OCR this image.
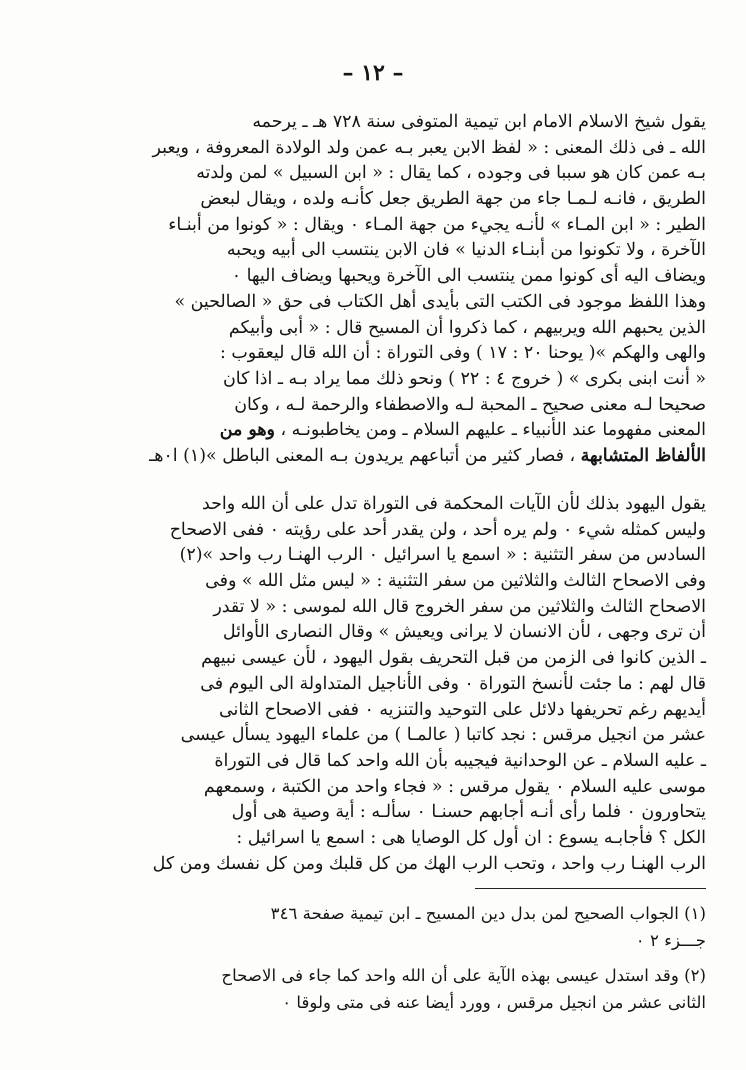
– ١٢ –
يقول شيخ الاسلام الامام ابن تيمية المتوفى سنة ٧٢٨ هـ ـ يرحمه
الله ـ فى ذلك المعنى : « لفظ الابن يعبر بـه عمن ولد الولادة المعروفة ، ويعبر
بـه عمن كان هو سببا فى وجوده ، كما يقال : « ابن السبيل » لمن ولدته
الطريق ، فانـه لـمـا جاء من جهة الطريق جعل كأنـه ولده ، ويقال لبعض
الطير : « ابن المـاء » لأنـه يجيء من جهة المـاء ٠ ويقال : « كونوا من أبنـاء
الآخرة ، ولا تكونوا من أبنـاء الدنيا » فان الابن ينتسب الى أبيه ويحبه
ويضاف اليه أى كونوا ممن ينتسب الى الآخرة ويحبها ويضاف اليها ٠
وهذا اللفظ موجود فى الكتب التى بأيدى أهل الكتاب فى حق « الصالحين »
الذين يحبهم الله ويربيهم ، كما ذكروا أن المسيح قال : « أبى وأبيكم
والهى والهكم »( يوحنا ٢٠ : ١٧ ) وفى التوراة : أن الله قال ليعقوب :
« أنت ابنى بكرى » ( خروج ٤ : ٢٢ ) ونحو ذلك مما يراد بـه ـ اذا كان
صحيحا لـه معنى صحيح ـ المحبة لـه والاصطفاء والرحمة لـه ، وكان
المعنى مفهوما عند الأنبياء ـ عليهم السلام ـ ومن يخاطبونـه ، وهو من
الألفاظ المتشابهة ، فصار كثير من أتباعهم يريدون بـه المعنى الباطل »(١) ا٠هـ
يقول اليهود بذلك لأن الآيات المحكمة فى التوراة تدل على أن الله واحد
وليس كمثله شيء ٠ ولم يره أحد ، ولن يقدر أحد على رؤيته ٠ ففى الاصحاح
السادس من سفر التثنية : « اسمع يا اسرائيل ٠ الرب الهنـا رب واحد »(٢)
وفى الاصحاح الثالث والثلاثين من سفر التثنية : « ليس مثل الله » وفى
الاصحاح الثالث والثلاثين من سفر الخروج قال الله لموسى : « لا تقدر
أن ترى وجهى ، لأن الانسان لا يرانى ويعيش » وقال النصارى الأوائل
ـ الذين كانوا فى الزمن من قبل التحريف بقول اليهود ، لأن عيسى نبيهم
قال لهم : ما جئت لأنسخ التوراة ٠ وفى الأناجيل المتداولة الى اليوم فى
أيديهم رغم تحريفها دلائل على التوحيد والتنزيه ٠ ففى الاصحاح الثانى
عشر من انجيل مرقس : نجد كاتبا ( عالمـا ) من علماء اليهود يسأل عيسى
ـ عليه السلام ـ عن الوحدانية فيجيبه بأن الله واحد كما قال فى التوراة
موسى عليه السلام ٠ يقول مرقس : « فجاء واحد من الكتبة ، وسمعهم
يتحاورون ٠ فلما رأى أنـه أجابهم حسنـا ٠ سألـه : أية وصية هى أول
الكل ؟ فأجابـه يسوع : ان أول كل الوصايا هى : اسمع يا اسرائيل :
الرب الهنـا رب واحد ، وتحب الرب الهك من كل قلبك ومن كل نفسك ومن كل
(١) الجواب الصحيح لمن بدل دين المسيح ـ ابن تيمية صفحة ٣٤٦
جـــزء ٢ ٠
(٢) وقد استدل عيسى بهذه الآية على أن الله واحد كما جاء فى الاصحاح
الثانى عشر من انجيل مرقس ، وورد أيضا عنه فى متى ولوقا ٠
